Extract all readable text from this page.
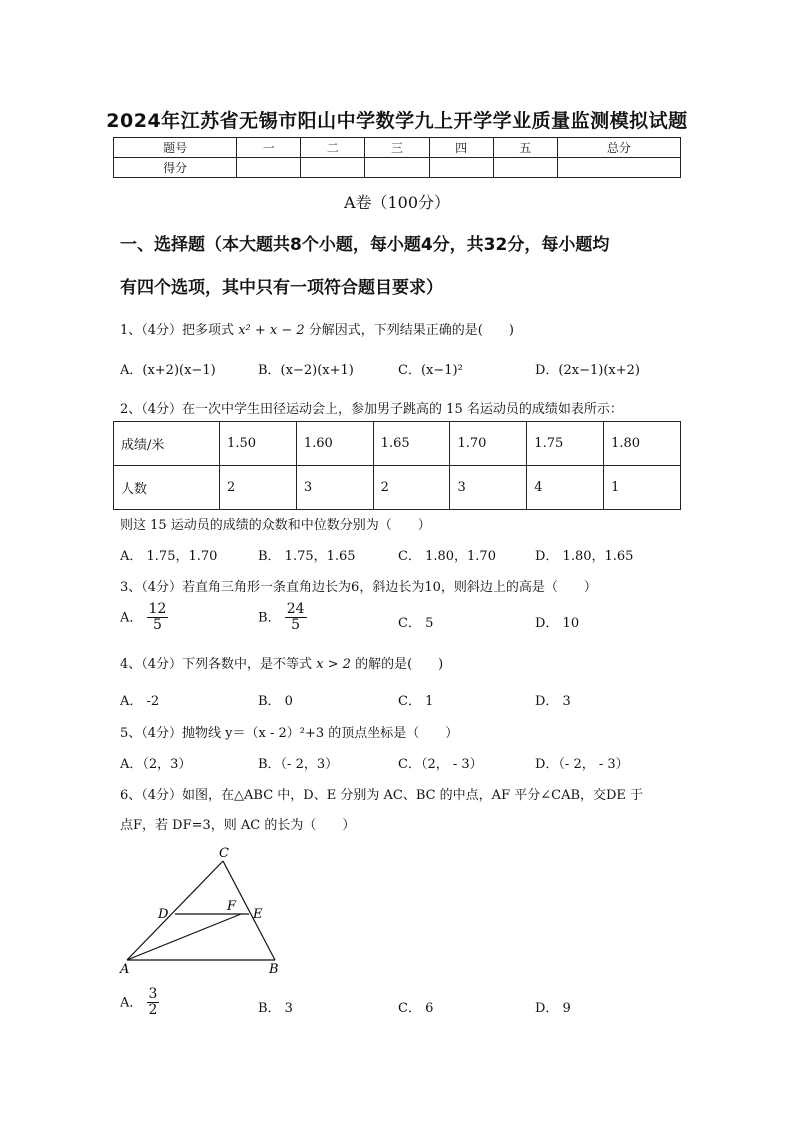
2024年江苏省无锡市阳山中学数学九上开学学业质量监测模拟试题
题号	一	二	三	四	五	总分
得分						
A卷（100分）
一、选择题（本大题共8个小题，每小题4分，共32分，每小题均
有四个选项，其中只有一项符合题目要求）
1、（4分）把多项式 x² + x − 2 分解因式，下列结果正确的是(　　)
A．(x+2)(x−1)	B．(x−2)(x+1)	C．(x−1)²	D．(2x−1)(x+2)
2、（4分）在一次中学生田径运动会上，参加男子跳高的 15 名运动员的成绩如表所示：
成绩/米	1.50	1.60	1.65	1.70	1.75	1.80
人数	2	3	2	3	4	1
则这 15 运动员的成绩的众数和中位数分别为（　　）
A． 1.75，1.70	B． 1.75，1.65	C． 1.80，1.70	D． 1.80，1.65
3、（4分）若直角三角形一条直角边长为6，斜边长为10，则斜边上的高是（　　）
A． $\frac{12}{5}$	B． $\frac{24}{5}$	C． 5	D． 10
4、（4分）下列各数中，是不等式 x > 2 的解的是(　　)
A． -2	B． 0	C． 1	D． 3
5、（4分）抛物线 y＝（x - 2）²+3 的顶点坐标是（　　）
A．（2，3）	B．（- 2，3）	C．（2， - 3）	D．（- 2， - 3）
6、（4分）如图，在△ABC 中，D、E 分别为 AC、BC 的中点，AF 平分∠CAB，交DE 于
点F，若 DF=3，则 AC 的长为（　　）
C
D
F
E
A	B
A． $\frac{3}{2}$	B． 3	C． 6	D． 9
